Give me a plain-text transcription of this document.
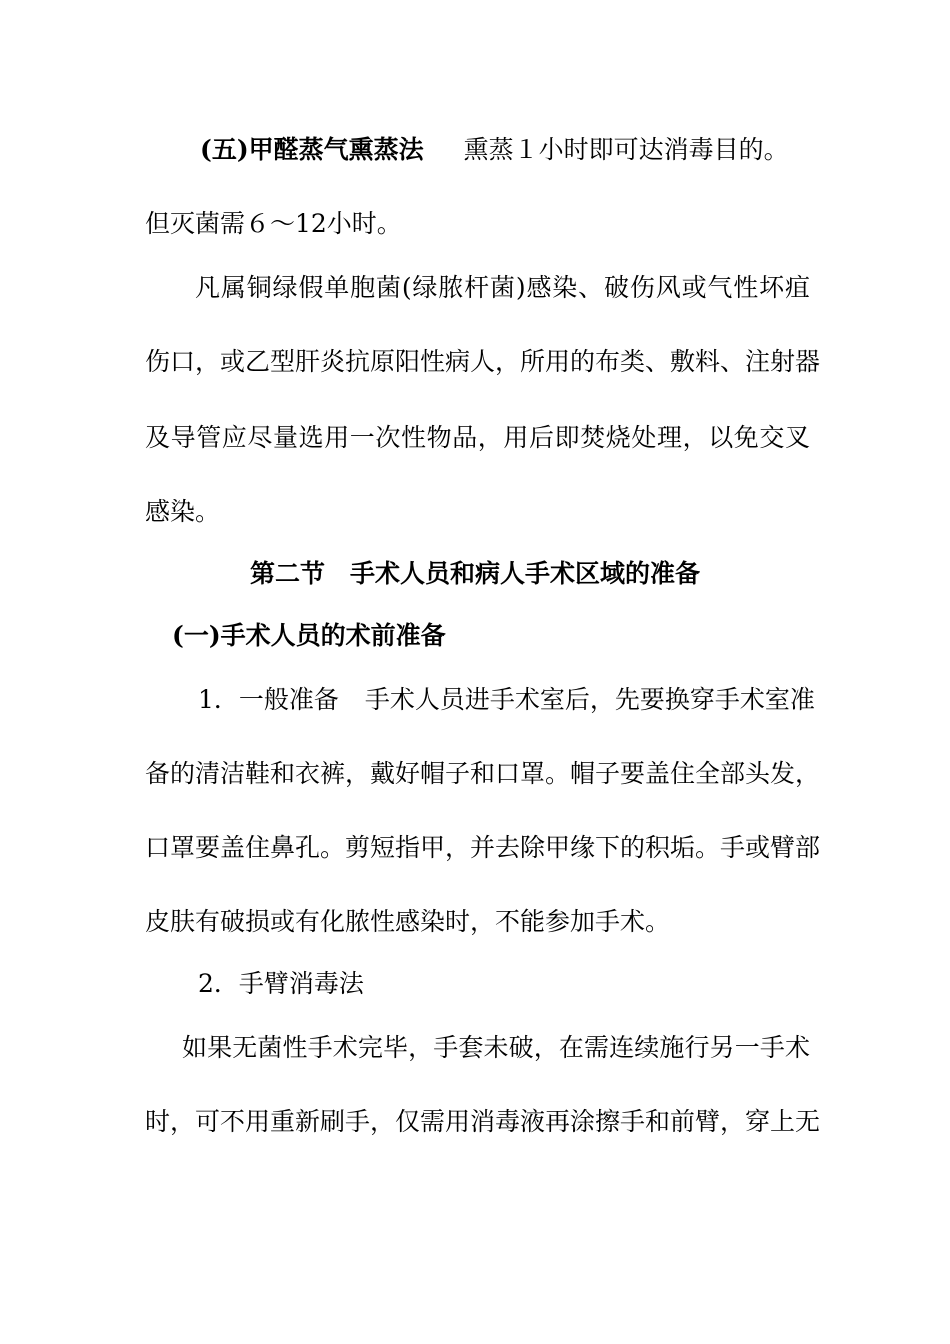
(五)甲醛蒸气熏蒸法 熏蒸１小时即可达消毒目的。
但灭菌需６～12小时。
凡属铜绿假单胞菌(绿脓杆菌)感染、破伤风或气性坏疽
伤口，或乙型肝炎抗原阳性病人，所用的布类、敷料、注射器
及导管应尽量选用一次性物品，用后即焚烧处理，以免交叉
感染。
第二节　手术人员和病人手术区域的准备
(一)手术人员的术前准备
1．一般准备 手术人员进手术室后，先要换穿手术室准
备的清洁鞋和衣裤，戴好帽子和口罩。帽子要盖住全部头发，
口罩要盖住鼻孔。剪短指甲，并去除甲缘下的积垢。手或臂部
皮肤有破损或有化脓性感染时，不能参加手术。
2．手臂消毒法
如果无菌性手术完毕，手套未破，在需连续施行另一手术
时，可不用重新刷手，仅需用消毒液再涂擦手和前臂，穿上无
